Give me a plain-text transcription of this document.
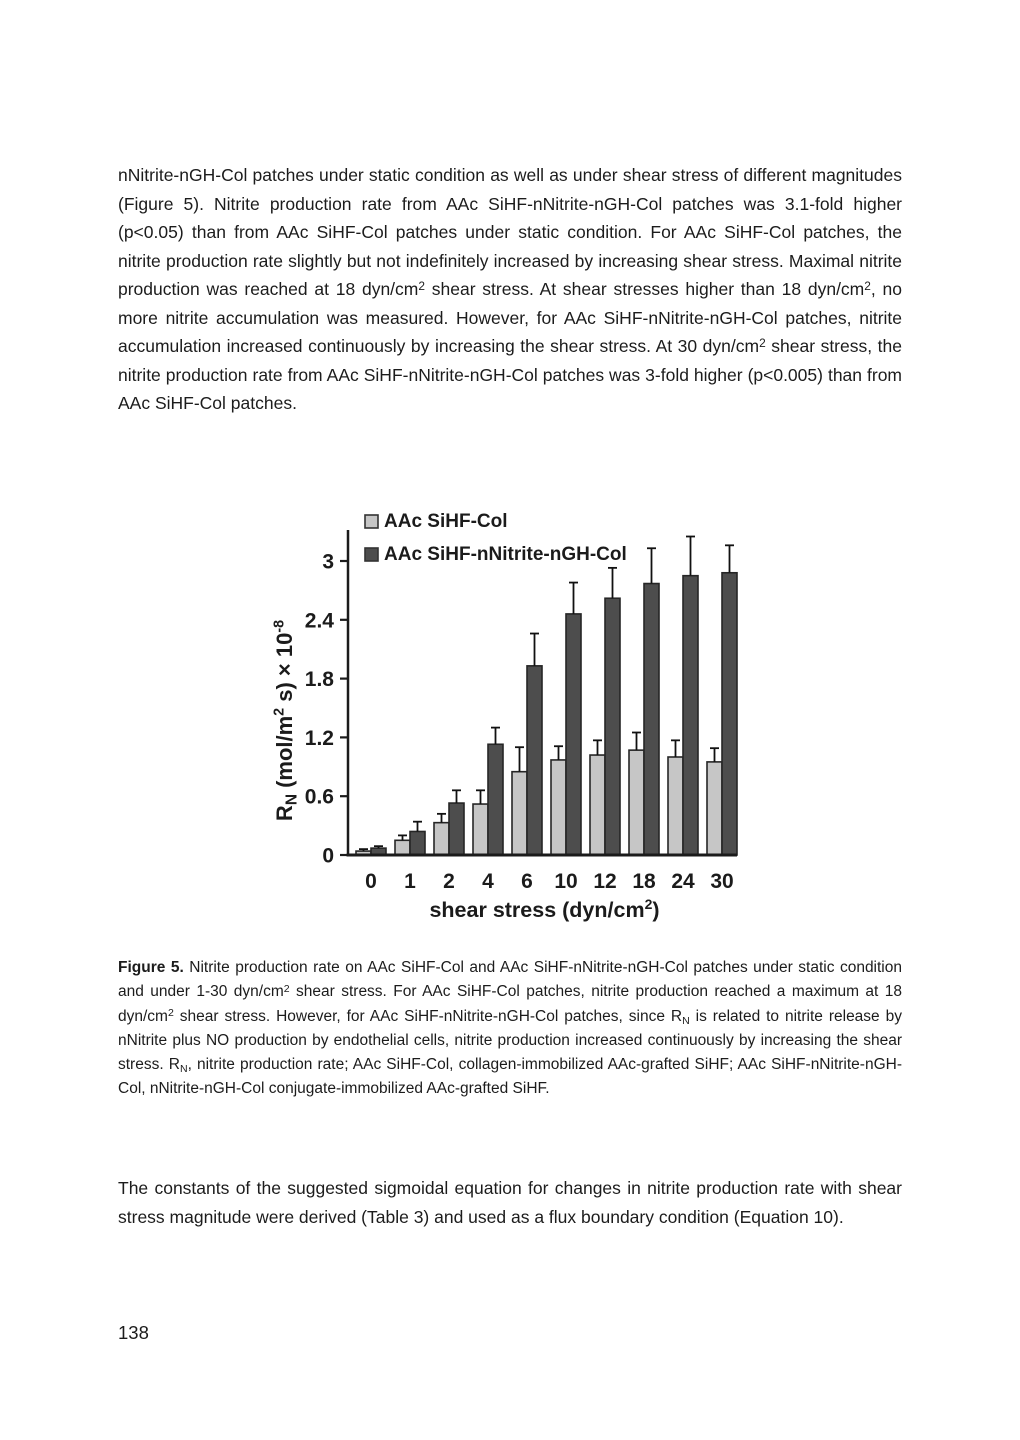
nNitrite-nGH-Col patches under static condition as well as under shear stress of different magnitudes (Figure 5). Nitrite production rate from AAc SiHF-nNitrite-nGH-Col patches was 3.1-fold higher (p<0.05) than from AAc SiHF-Col patches under static condition. For AAc SiHF-Col patches, the nitrite production rate slightly but not indefinitely increased by increasing shear stress. Maximal nitrite production was reached at 18 dyn/$cm^2$ shear stress. At shear stresses higher than 18 dyn/$cm^2$, no more nitrite accumulation was measured. However, for AAc SiHF-nNitrite-nGH-Col patches, nitrite accumulation increased continuously by increasing the shear stress. At 30 dyn/$cm^2$ shear stress, the nitrite production rate from AAc SiHF-nNitrite-nGH-Col patches was 3-fold higher (p<0.005) than from AAc SiHF-Col patches.

0
0.6
1.2
1.8
2.4
3
0 1 2 4 6 10 12 18 24 30
shear stress $(dyn/cm^2)$
$R_N$ ($mol/m^2$ $s) \times 10^{-8}$
AAc SiHF-Col
AAc SiHF-nNitrite-nGH-Col

Figure 5. Nitrite production rate on AAc SiHF-Col and AAc SiHF-nNitrite-nGH-Col patches under static condition and under 1-30 dyn/$cm^2$ shear stress. For AAc SiHF-Col patches, nitrite production reached a maximum at 18 dyn/$cm^2$ shear stress. However, for AAc SiHF-nNitrite-nGH-Col patches, since $R_N$ is related to nitrite release by nNitrite plus NO production by endothelial cells, nitrite production increased continuously by increasing the shear stress. $R_N$, nitrite production rate; AAc SiHF-Col, collagen-immobilized AAc-grafted SiHF; AAc SiHF-nNitrite-nGH-Col, nNitrite-nGH-Col conjugate-immobilized AAc-grafted SiHF.

The constants of the suggested sigmoidal equation for changes in nitrite production rate with shear stress magnitude were derived (Table 3) and used as a flux boundary condition (Equation 10).

138
